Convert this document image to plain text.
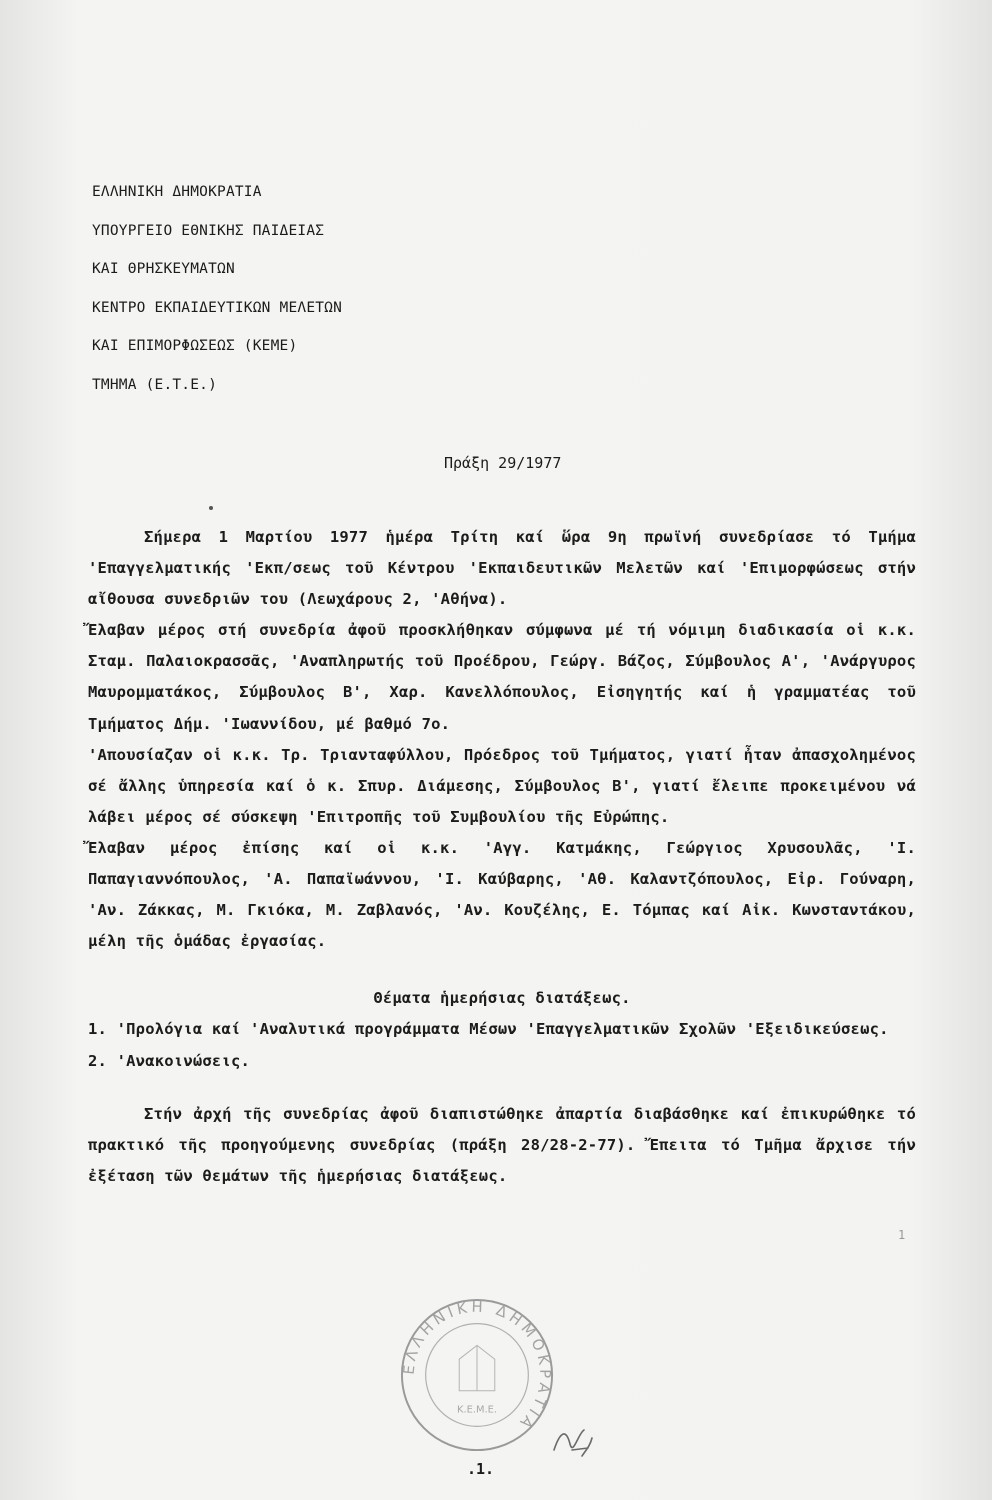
ΕΛΛΗΝΙΚΗ ΔΗΜΟΚΡΑΤΙΑ
ΥΠΟΥΡΓΕΙΟ ΕΘΝΙΚΗΣ ΠΑΙΔΕΙΑΣ
ΚΑΙ ΘΡΗΣΚΕΥΜΑΤΩΝ
ΚΕΝΤΡΟ ΕΚΠΑΙΔΕΥΤΙΚΩΝ ΜΕΛΕΤΩΝ
ΚΑΙ ΕΠΙΜΟΡΦΩΣΕΩΣ (ΚΕΜΕ)
ΤΜΗΜΑ (Ε.Τ.Ε.)
Πράξη 29/1977

Σήμερα 1 Μαρτίου 1977 ἡμέρα Τρίτη καί ὥρα 9η πρωϊνή συνεδρίασε τό Τμήμα 'Επαγγελματικής 'Εκπ/σεως τοῦ Κέντρου 'Εκπαιδευτικῶν Μελετῶν καί 'Επιμορφώσεως στήν αἴθουσα συνεδριῶν του (Λεωχάρους 2, 'Αθήνα).

Ἔλαβαν μέρος στή συνεδρία ἀφοῦ προσκλήθηκαν σύμφωνα μέ τή νόμιμη διαδικασία οἱ κ.κ. Σταμ. Παλαιοκρασσᾶς, 'Αναπληρωτής τοῦ Προέδρου, Γεώργ. Βάζος, Σύμβουλος Α', 'Ανάργυρος Μαυρομματάκος, Σύμβουλος Β', Χαρ. Κανελλόπουλος, Εἰσηγητής καί ἡ γραμματέας τοῦ Τμήματος Δήμ. 'Ιωαννίδου, μέ βαθμό 7ο.

'Απουσίαζαν οἱ κ.κ. Τρ. Τριανταφύλλου, Πρόεδρος τοῦ Τμήματος, γιατί ἦταν ἀπασχολημένος σέ ἄλλης ὑπηρεσία καί ὁ κ. Σπυρ. Διάμεσης, Σύμβουλος Β', γιατί ἔλειπε προκειμένου νά λάβει μέρος σέ σύσκεψη 'Επιτροπῆς τοῦ Συμβουλίου τῆς Εὐρώπης.

Ἔλαβαν μέρος ἐπίσης καί οἱ κ.κ. 'Αγγ. Κατμάκης, Γεώργιος Χρυσουλᾶς, 'Ι. Παπαγιαννόπουλος, 'Α. Παπαϊωάννου, 'Ι. Καύβαρης, 'Αθ. Καλαντζόπουλος, Εἰρ. Γούναρη, 'Αν. Ζάκκας, Μ. Γκιόκα, Μ. Ζαβλανός, 'Αν. Κουζέλης, Ε. Τόμπας καί Αἰκ. Κωνσταντάκου, μέλη τῆς ὁμάδας ἐργασίας.

Θέματα ἡμερήσιας διατάξεως.

1. 'Προλόγια καί 'Αναλυτικά προγράμματα Μέσων 'Επαγγελματικῶν Σχολῶν 'Εξειδικεύσεως.

2. 'Ανακοινώσεις.

Στήν ἀρχή τῆς συνεδρίας ἀφοῦ διαπιστώθηκε ἀπαρτία διαβάσθηκε καί ἐπικυρώθηκε τό πρακτικό τῆς προηγούμενης συνεδρίας (πράξη 28/28-2-77). Ἔπειτα τό Τμῆμα ἄρχισε τήν ἐξέταση τῶν θεμάτων τῆς ἡμερήσιας διατάξεως.

1
ΕΛΛΗΝΙΚΗ ΔΗΜΟΚΡΑΤΙΑ
Κ.Ε.Μ.Ε.
.1.
